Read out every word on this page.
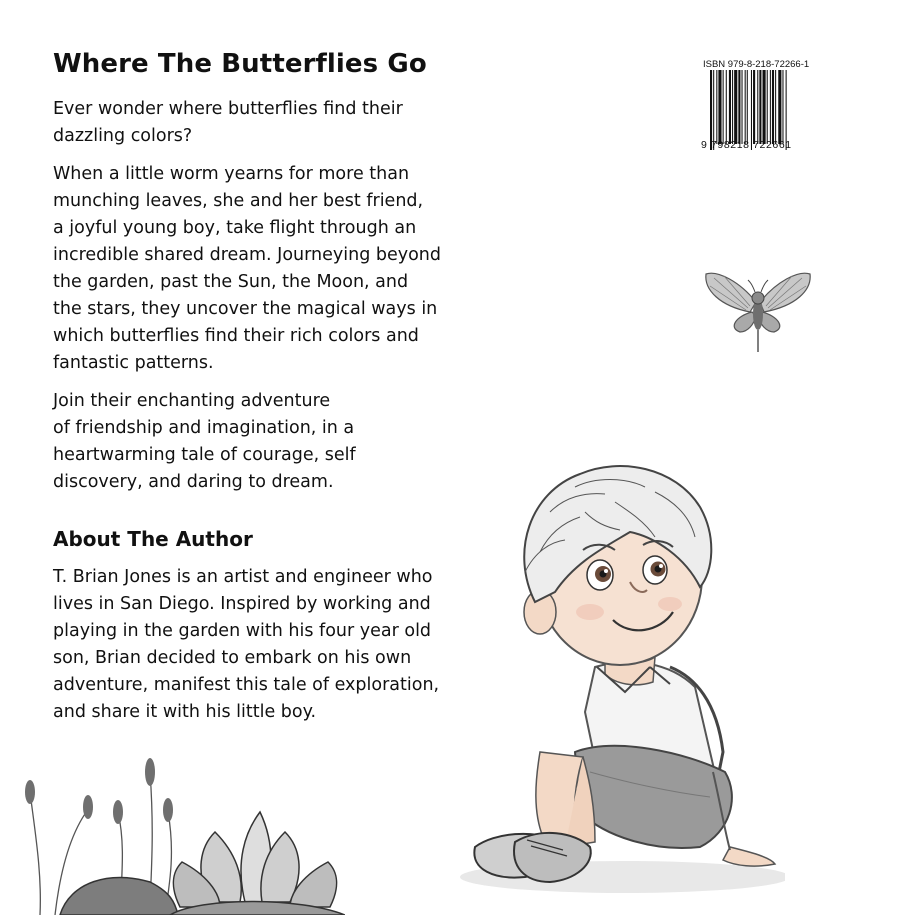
Where The Butterflies Go

Ever wonder where butterflies find their
dazzling colors?

When a little worm yearns for more than
munching leaves, she and her best friend,
a joyful young boy, take flight through an
incredible shared dream. Journeying beyond
the garden, past the Sun, the Moon, and
the stars, they uncover the magical ways in
which butterflies find their rich colors and
fantastic patterns.

Join their enchanting adventure
of friendship and imagination, in a
heartwarming tale of courage, self
discovery, and daring to dream.

About The Author

T. Brian Jones is an artist and engineer who
lives in San Diego. Inspired by working and
playing in the garden with his four year old
son, Brian decided to embark on his own
adventure, manifest this tale of exploration,
and share it with his little boy.

ISBN 979-8-218-72266-1
9 798218 722661
